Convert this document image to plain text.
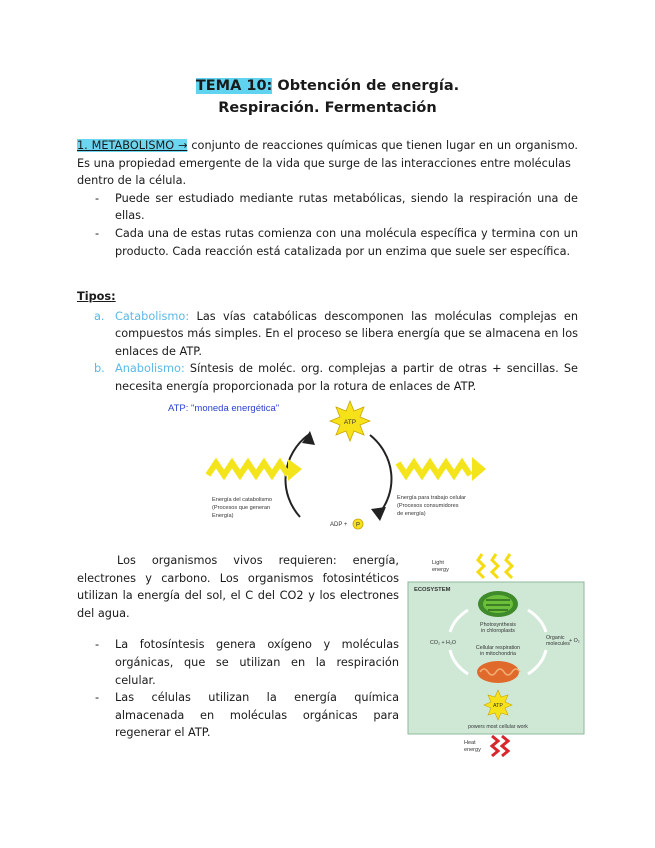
TEMA 10: Obtención de energía.
Respiración. Fermentación
1. METABOLISMO → conjunto de reacciones químicas que tienen lugar en un organismo. Es una propiedad emergente de la vida que surge de las interacciones entre moléculas
dentro de la célula.
- Puede ser estudiado mediante rutas metabólicas, siendo la respiración una de ellas.
- Cada una de estas rutas comienza con una molécula específica y termina con un producto. Cada reacción está catalizada por un enzima que suele ser específica.
Tipos:
a. Catabolismo: Las vías catabólicas descomponen las moléculas complejas en compuestos más simples. En el proceso se libera energía que se almacena en los enlaces de ATP.
b. Anabolismo: Síntesis de moléc. org. complejas a partir de otras + sencillas. Se necesita energía proporcionada por la rotura de enlaces de ATP.
ATP: "moneda energética"
ATP
Energía del catabolismo
(Procesos que generan
Energía)
Energía para trabajo celular
(Procesos consumidores
de energía)
ADP + P
Los organismos vivos requieren: energía, electrones y carbono. Los organismos fotosintéticos utilizan la energía del sol, el C del CO2 y los electrones del agua.
- La fotosíntesis genera oxígeno y moléculas orgánicas, que se utilizan en la respiración celular.
- Las células utilizan la energía química almacenada en moléculas orgánicas para regenerar el ATP.
Light
energy
ECOSYSTEM
Photosynthesis
in chloroplasts
CO₂ + H₂O
Organic
molecules + O₂
Cellular respiration
in mitochondria
ATP
powers most cellular work
Heat
energy
